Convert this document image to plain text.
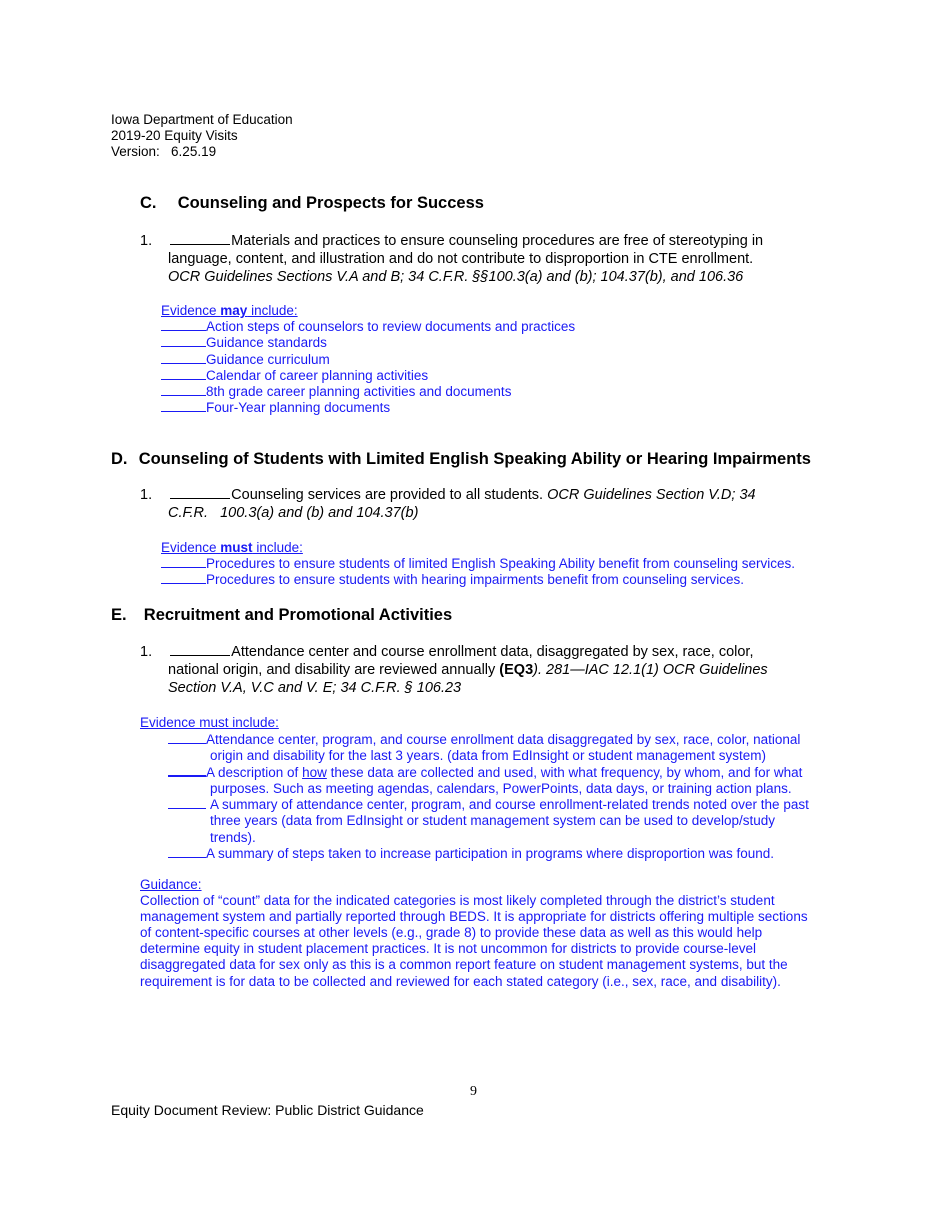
Iowa Department of Education
2019-20 Equity Visits
Version: 6.25.19
C. Counseling and Prospects for Success
1.	Materials and practices to ensure counseling procedures are free of stereotyping in
language, content, and illustration and do not contribute to disproportion in CTE enrollment.
OCR Guidelines Sections V.A and B; 34 C.F.R. §§100.3(a) and (b); 104.37(b), and 106.36
Evidence may include:
Action steps of counselors to review documents and practices
Guidance standards
Guidance curriculum
Calendar of career planning activities
8th grade career planning activities and documents
Four-Year planning documents
D. Counseling of Students with Limited English Speaking Ability or Hearing Impairments
1.	Counseling services are provided to all students. OCR Guidelines Section V.D; 34
C.F.R.   100.3(a) and (b) and 104.37(b)
Evidence must include:
Procedures to ensure students of limited English Speaking Ability benefit from counseling services.
Procedures to ensure students with hearing impairments benefit from counseling services.
E. Recruitment and Promotional Activities
1.	Attendance center and course enrollment data, disaggregated by sex, race, color,
national origin, and disability are reviewed annually (EQ3). 281—IAC 12.1(1) OCR Guidelines
Section V.A, V.C and V. E; 34 C.F.R. § 106.23
Evidence must include:
Attendance center, program, and course enrollment data disaggregated by sex, race, color, national
origin and disability for the last 3 years. (data from EdInsight or student management system)
A description of how these data are collected and used, with what frequency, by whom, and for what
purposes. Such as meeting agendas, calendars, PowerPoints, data days, or training action plans.
A summary of attendance center, program, and course enrollment-related trends noted over the past
three years (data from EdInsight or student management system can be used to develop/study
trends).
A summary of steps taken to increase participation in programs where disproportion was found.
Guidance:
Collection of “count” data for the indicated categories is most likely completed through the district’s student
management system and partially reported through BEDS. It is appropriate for districts offering multiple sections
of content-specific courses at other levels (e.g., grade 8) to provide these data as well as this would help
determine equity in student placement practices. It is not uncommon for districts to provide course-level
disaggregated data for sex only as this is a common report feature on student management systems, but the
requirement is for data to be collected and reviewed for each stated category (i.e., sex, race, and disability).
9
Equity Document Review: Public District Guidance
